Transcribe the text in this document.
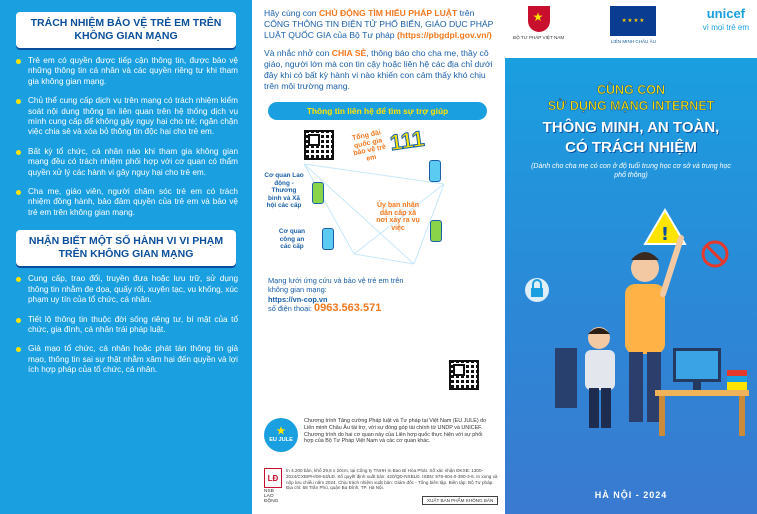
TRÁCH NHIỆM BẢO VỆ TRẺ EM TRÊN KHÔNG GIAN MẠNG
Trẻ em có quyền được tiếp cận thông tin, được bảo vệ những thông tin cá nhân và các quyền riêng tư khi tham gia không gian mạng.
Chủ thể cung cấp dịch vụ trên mạng có trách nhiệm kiểm soát nội dung thông tin liên quan trên hệ thống dịch vụ mình cung cấp để không gây nguy hại cho trẻ; ngăn chặn việc chia sẻ và xóa bỏ thông tin độc hại cho trẻ em.
Bất kỳ tổ chức, cá nhân nào khi tham gia không gian mạng đều có trách nhiệm phối hợp với cơ quan có thẩm quyền xử lý các hành vi gây nguy hại cho trẻ em.
Cha mẹ, giáo viên, người chăm sóc trẻ em có trách nhiệm đồng hành, bảo đảm quyền của trẻ em và bảo vệ trẻ em trên không gian mạng.
NHẬN BIẾT MỘT SỐ HÀNH VI VI PHẠM TRÊN KHÔNG GIAN MẠNG
Cung cấp, trao đổi, truyền đưa hoặc lưu trữ, sử dụng thông tin nhằm đe dọa, quấy rối, xuyên tạc, vu khống, xúc phạm uy tín của tổ chức, cá nhân.
Tiết lộ thông tin thuộc đời sống riêng tư, bí mật của tổ chức, gia đình, cá nhân trái pháp luật.
Giả mạo tổ chức, cá nhân hoặc phát tán thông tin giả mạo, thông tin sai sự thật nhằm xâm hại đến quyền và lợi ích hợp pháp của tổ chức, cá nhân.

Hãy cùng con CHỦ ĐỘNG TÌM HIỂU PHÁP LUẬT trên CỔNG THÔNG TIN ĐIỆN TỬ PHỔ BIẾN, GIÁO DỤC PHÁP LUẬT QUỐC GIA của Bộ Tư pháp (https://pbgdpl.gov.vn/)

Và nhắc nhở con CHIA SẺ, thông báo cho cha mẹ, thầy cô giáo, người lớn mà con tin cậy hoặc liên hệ các địa chỉ dưới đây khi có bất kỳ hành vi nào khiến con cảm thấy khó chịu trên môi trường mạng.

Thông tin liên hệ để tìm sự trợ giúp
Tổng đài quốc gia bảo vệ trẻ em
111
Cơ quan Lao động - Thương binh và Xã hội các cấp	Ủy ban nhân dân cấp xã nơi xảy ra vụ việc
Cơ quan công an các cấp
Mạng lưới ứng cứu và bảo vệ trẻ em trên không gian mạng:
https://vn-cop.vn
số điện thoại: 0963.563.571
★
EU JULE

Chương trình Tăng cường Pháp luật và Tư pháp tại Việt Nam (EU JULE) do Liên minh Châu Âu tài trợ, với sự đóng góp tài chính từ UNDP và UNICEF. Chương trình do hai cơ quan này của Liên hợp quốc thực hiện với sự phối hợp của Bộ Tư Pháp Việt Nam và các cơ quan khác.

LĐ
NXB LAO ĐỘNG

In 4.200 bản, khổ 29,6 x 20cm, tại Công ty TNHH In Bao Bì Hòa Phát. Số xác nhận ĐKXB: 1300-2024/CXBIPH/08-53/LĐ. Số quyết định xuất bản: 420/QĐ-NXBLĐ. ISBN: 978-604-0-390-3-6. In xong và nộp lưu chiểu năm 2024. Chịu trách nhiệm xuất bản: Giám đốc - Tổng biên tập. Biên tập: Bộ Tư pháp. Địa chỉ: 58 Trần Phú, quận Ba Đình, TP. Hà Nội.

XUẤT BẢN PHẨM KHÔNG BÁN
★
BỘ TƯ PHÁP VIỆT NAM
★★★★
LIÊN MINH CHÂU ÂU
unicef
vì mọi trẻ em
CÙNG CON
SỬ DỤNG MẠNG INTERNET
THÔNG MINH, AN TOÀN,
CÓ TRÁCH NHIỆM
(Dành cho cha mẹ có con ở độ tuổi trung học cơ sở và trung học phổ thông)
!
HÀ NỘI - 2024
